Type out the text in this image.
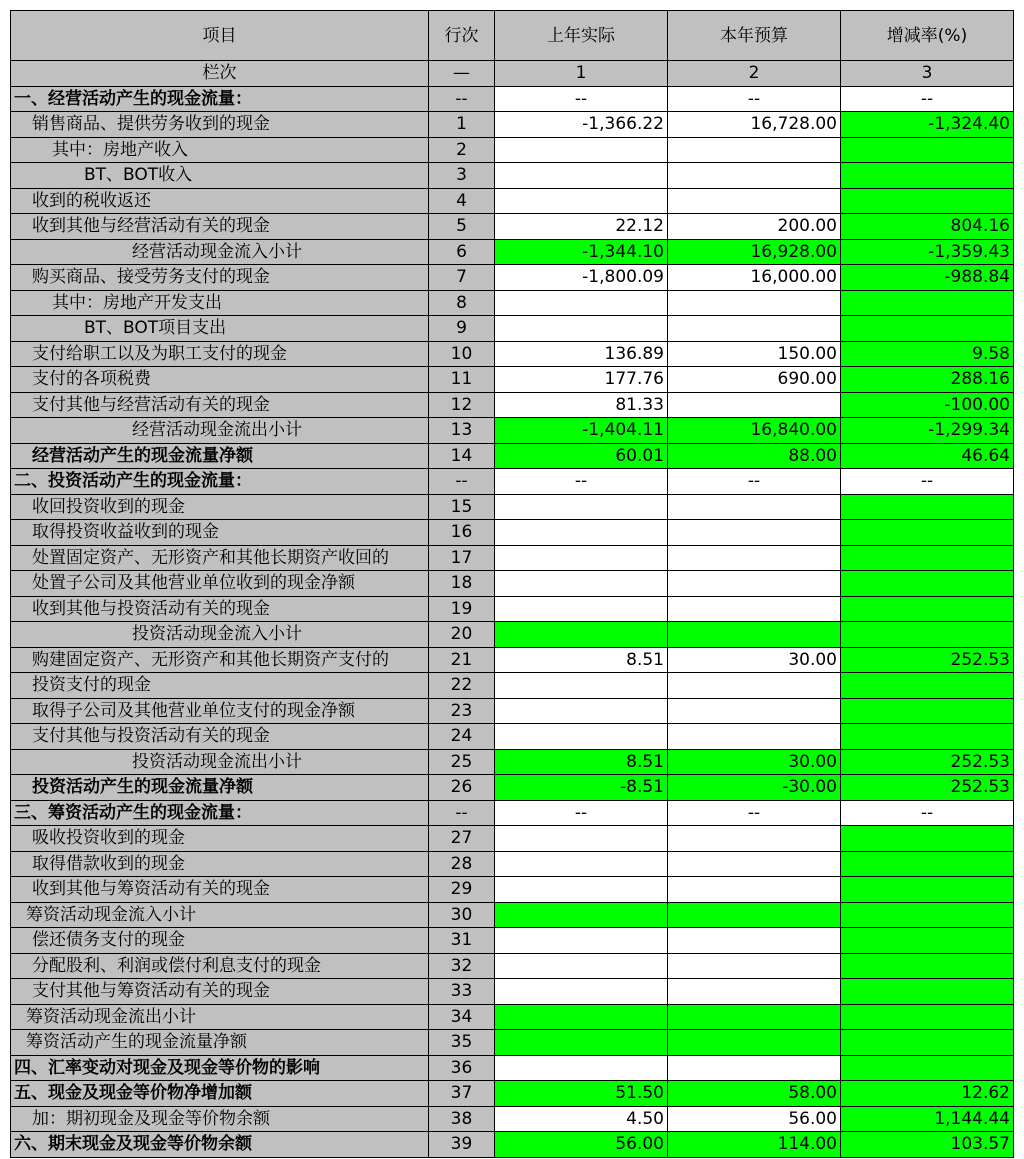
项目	行次	上年实际	本年预算	增减率(%)
栏次	—	1	2	3
一、经营活动产生的现金流量：	--	--	--	--
销售商品、提供劳务收到的现金	1	-1,366.22	16,728.00	-1,324.40
其中：房地产收入	2			
BT、BOT收入	3			
收到的税收返还	4			
收到其他与经营活动有关的现金	5	22.12	200.00	804.16
经营活动现金流入小计	6	-1,344.10	16,928.00	-1,359.43
购买商品、接受劳务支付的现金	7	-1,800.09	16,000.00	-988.84
其中：房地产开发支出	8			
BT、BOT项目支出	9			
支付给职工以及为职工支付的现金	10	136.89	150.00	9.58
支付的各项税费	11	177.76	690.00	288.16
支付其他与经营活动有关的现金	12	81.33		-100.00
经营活动现金流出小计	13	-1,404.11	16,840.00	-1,299.34
经营活动产生的现金流量净额	14	60.01	88.00	46.64
二、投资活动产生的现金流量：	--	--	--	--
收回投资收到的现金	15			
取得投资收益收到的现金	16			
处置固定资产、无形资产和其他长期资产收回的	17			
处置子公司及其他营业单位收到的现金净额	18			
收到其他与投资活动有关的现金	19			
投资活动现金流入小计	20			
购建固定资产、无形资产和其他长期资产支付的	21	8.51	30.00	252.53
投资支付的现金	22			
取得子公司及其他营业单位支付的现金净额	23			
支付其他与投资活动有关的现金	24			
投资活动现金流出小计	25	8.51	30.00	252.53
投资活动产生的现金流量净额	26	-8.51	-30.00	252.53
三、筹资活动产生的现金流量：	--	--	--	--
吸收投资收到的现金	27			
取得借款收到的现金	28			
收到其他与筹资活动有关的现金	29			
筹资活动现金流入小计	30			
偿还债务支付的现金	31			
分配股利、利润或偿付利息支付的现金	32			
支付其他与筹资活动有关的现金	33			
筹资活动现金流出小计	34			
筹资活动产生的现金流量净额	35			
四、汇率变动对现金及现金等价物的影响	36			
五、现金及现金等价物净增加额	37	51.50	58.00	12.62
加：期初现金及现金等价物余额	38	4.50	56.00	1,144.44
六、期末现金及现金等价物余额	39	56.00	114.00	103.57
